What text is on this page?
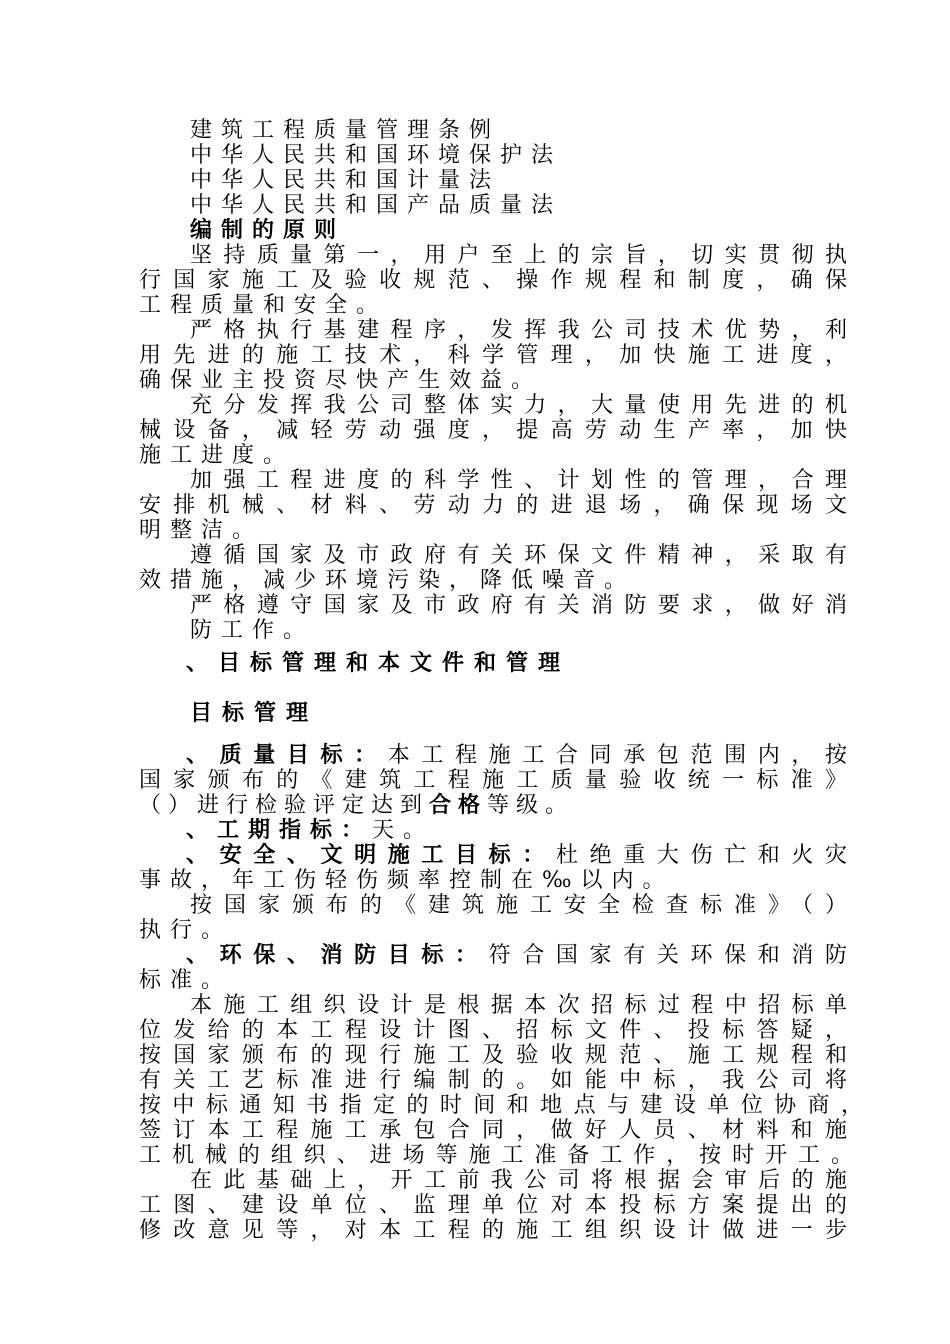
建筑工程质量管理条例
中华人民共和国环境保护法
中华人民共和国计量法
中华人民共和国产品质量法
编制的原则
坚持质量第一，用户至上的宗旨，切实贯彻执
行国家施工及验收规范、操作规程和制度，确保
工程质量和安全。
严格执行基建程序，发挥我公司技术优势，利
用先进的施工技术，科学管理，加快施工进度，
确保业主投资尽快产生效益。
充分发挥我公司整体实力，大量使用先进的机
械设备，减轻劳动强度，提高劳动生产率，加快
施工进度。
加强工程进度的科学性、计划性的管理，合理
安排机械、材料、劳动力的进退场，确保现场文
明整洁。
遵循国家及市政府有关环保文件精神，采取有
效措施，减少环境污染，降低噪音。
严格遵守国家及市政府有关消防要求，做好消
防工作。
、目标管理和本文件和管理
目标管理
、质量目标：本工程施工合同承包范围内，按
国家颁布的《建筑工程施工质量验收统一标准》
（）进行检验评定达到合格等级。
、工期指标：天。
、安全、文明施工目标：杜绝重大伤亡和火灾
事故，年工伤轻伤频率控制在‰以内。
按国家颁布的《建筑施工安全检查标准》（）
执行。
、环保、消防目标：符合国家有关环保和消防
标准。
本施工组织设计是根据本次招标过程中招标单
位发给的本工程设计图、招标文件、投标答疑，
按国家颁布的现行施工及验收规范、施工规程和
有关工艺标准进行编制的。如能中标，我公司将
按中标通知书指定的时间和地点与建设单位协商，
签订本工程施工承包合同，做好人员、材料和施
工机械的组织、进场等施工准备工作，按时开工。
在此基础上，开工前我公司将根据会审后的施
工图、建设单位、监理单位对本投标方案提出的
修改意见等，对本工程的施工组织设计做进一步
